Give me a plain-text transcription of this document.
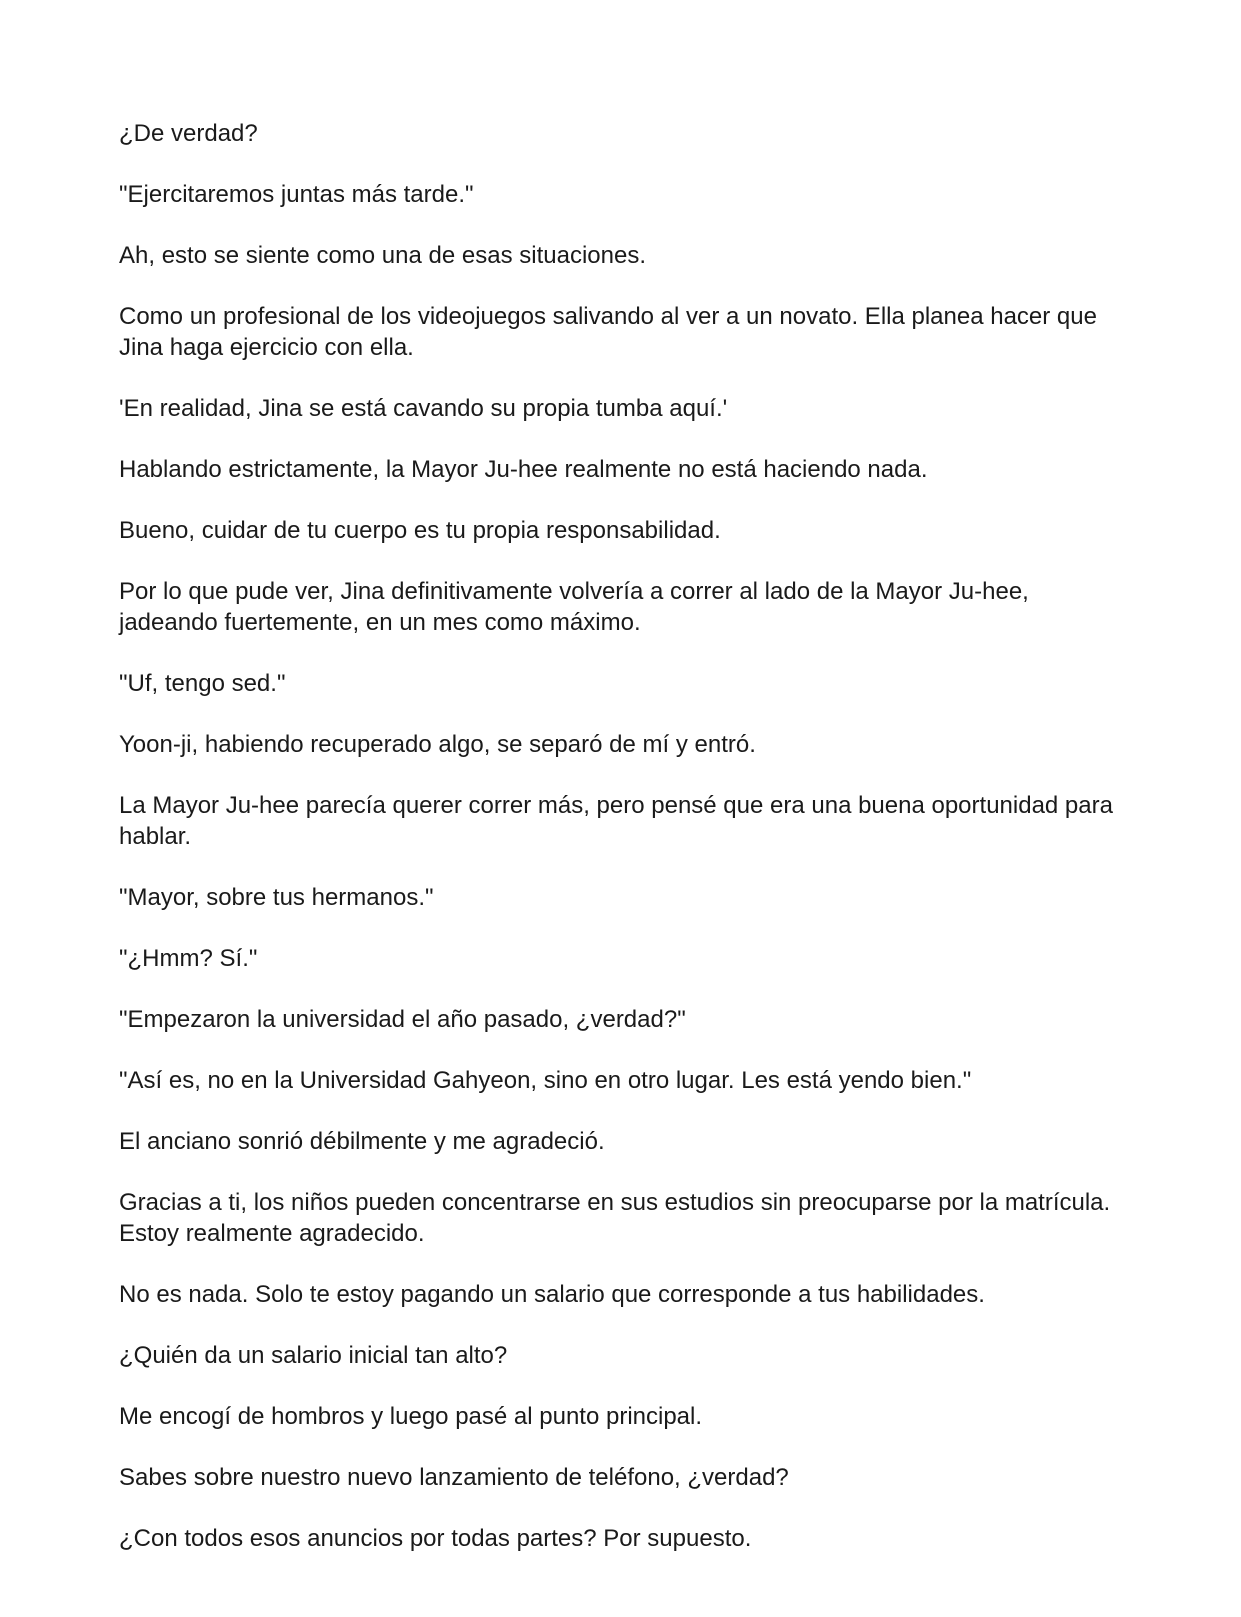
¿De verdad?

"Ejercitaremos juntas más tarde."

Ah, esto se siente como una de esas situaciones.

Como un profesional de los videojuegos salivando al ver a un novato. Ella planea hacer que Jina haga ejercicio con ella.

'En realidad, Jina se está cavando su propia tumba aquí.'

Hablando estrictamente, la Mayor Ju-hee realmente no está haciendo nada.

Bueno, cuidar de tu cuerpo es tu propia responsabilidad.

Por lo que pude ver, Jina definitivamente volvería a correr al lado de la Mayor Ju-hee, jadeando fuertemente, en un mes como máximo.

"Uf, tengo sed."

Yoon-ji, habiendo recuperado algo, se separó de mí y entró.

La Mayor Ju-hee parecía querer correr más, pero pensé que era una buena oportunidad para hablar.

"Mayor, sobre tus hermanos."

"¿Hmm? Sí."

"Empezaron la universidad el año pasado, ¿verdad?"

"Así es, no en la Universidad Gahyeon, sino en otro lugar. Les está yendo bien."

El anciano sonrió débilmente y me agradeció.

Gracias a ti, los niños pueden concentrarse en sus estudios sin preocuparse por la matrícula. Estoy realmente agradecido.

No es nada. Solo te estoy pagando un salario que corresponde a tus habilidades.

¿Quién da un salario inicial tan alto?

Me encogí de hombros y luego pasé al punto principal.

Sabes sobre nuestro nuevo lanzamiento de teléfono, ¿verdad?

¿Con todos esos anuncios por todas partes? Por supuesto.
